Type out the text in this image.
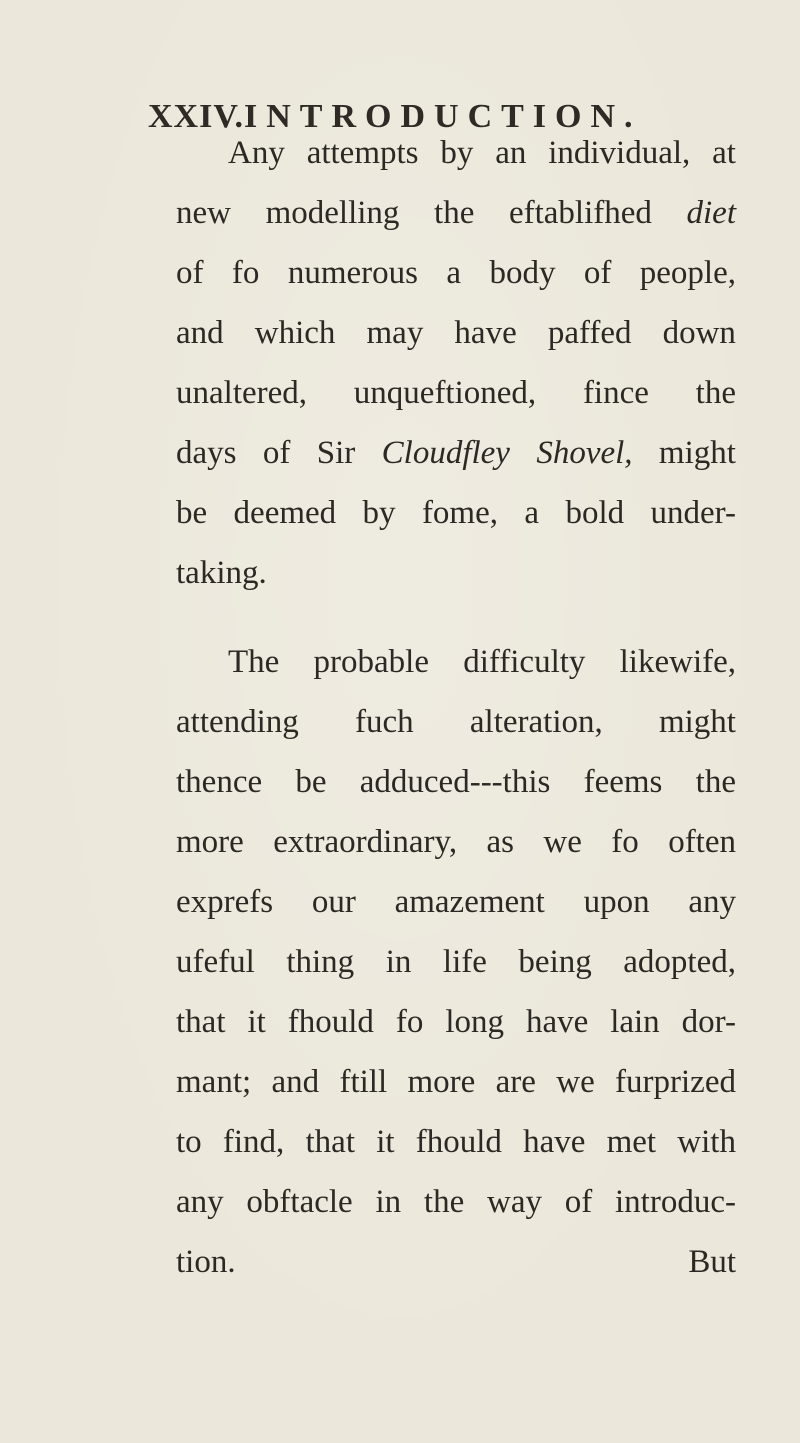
XXIV. INTRODUCTION.
Any attempts by an individual, at
new modelling the eftablifhed diet
of fo numerous a body of people,
and which may have paffed down
unaltered, unqueftioned, fince the
days of Sir Cloudfley Shovel, might
be deemed by fome, a bold under-
taking.
The probable difficulty likewife,
attending fuch alteration, might
thence be adduced---this feems the
more extraordinary, as we fo often
exprefs our amazement upon any
ufeful thing in life being adopted,
that it fhould fo long have lain dor-
mant; and ftill more are we furprized
to find, that it fhould have met with
any obftacle in the way of introduc-
tion.	But
